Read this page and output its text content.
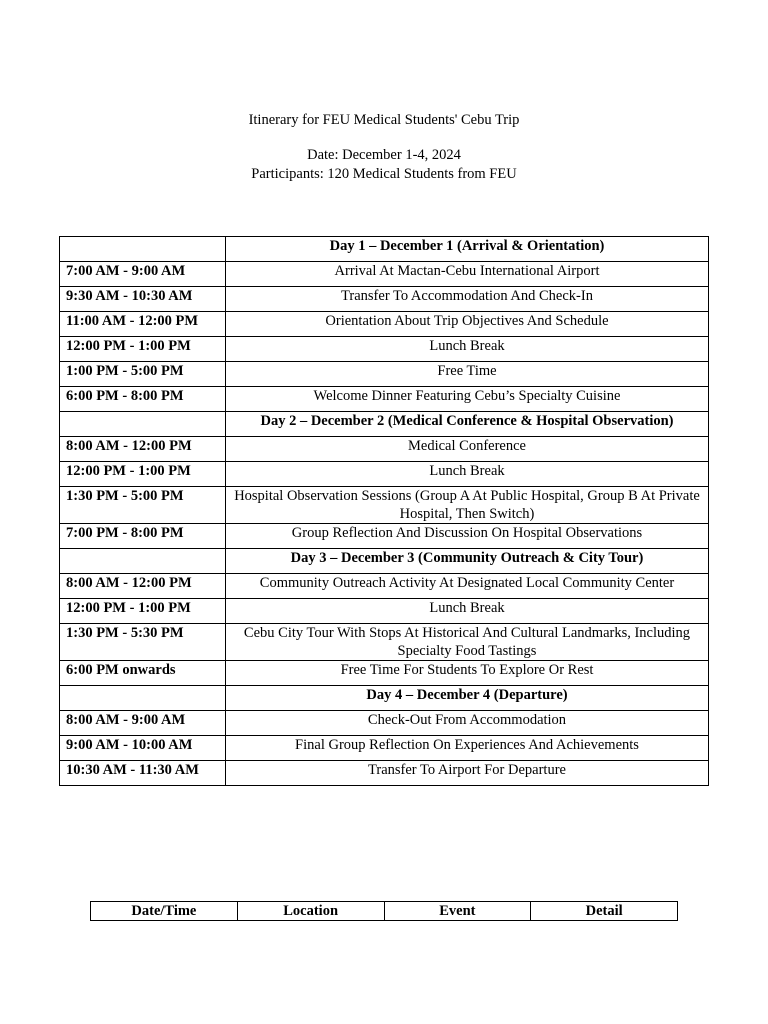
Itinerary for FEU Medical Students' Cebu Trip
Date: December 1-4, 2024
Participants: 120 Medical Students from FEU
	Day 1 – December 1 (Arrival & Orientation)
7:00 AM - 9:00 AM	Arrival At Mactan-Cebu International Airport
9:30 AM - 10:30 AM	Transfer To Accommodation And Check-In
11:00 AM - 12:00 PM	Orientation About Trip Objectives And Schedule
12:00 PM - 1:00 PM	Lunch Break
1:00 PM - 5:00 PM	Free Time
6:00 PM - 8:00 PM	Welcome Dinner Featuring Cebu’s Specialty Cuisine
	Day 2 – December 2 (Medical Conference & Hospital Observation)
8:00 AM - 12:00 PM	Medical Conference
12:00 PM - 1:00 PM	Lunch Break
1:30 PM - 5:00 PM	Hospital Observation Sessions (Group A At Public Hospital, Group B At Private Hospital, Then Switch)
7:00 PM - 8:00 PM	Group Reflection And Discussion On Hospital Observations
	Day 3 – December 3 (Community Outreach & City Tour)
8:00 AM - 12:00 PM	Community Outreach Activity At Designated Local Community Center
12:00 PM - 1:00 PM	Lunch Break
1:30 PM - 5:30 PM	Cebu City Tour With Stops At Historical And Cultural Landmarks, Including Specialty Food Tastings
6:00 PM onwards	Free Time For Students To Explore Or Rest
	Day 4 – December 4 (Departure)
8:00 AM - 9:00 AM	Check-Out From Accommodation
9:00 AM - 10:00 AM	Final Group Reflection On Experiences And Achievements
10:30 AM - 11:30 AM	Transfer To Airport For Departure
Date/Time	Location	Event	Detail
